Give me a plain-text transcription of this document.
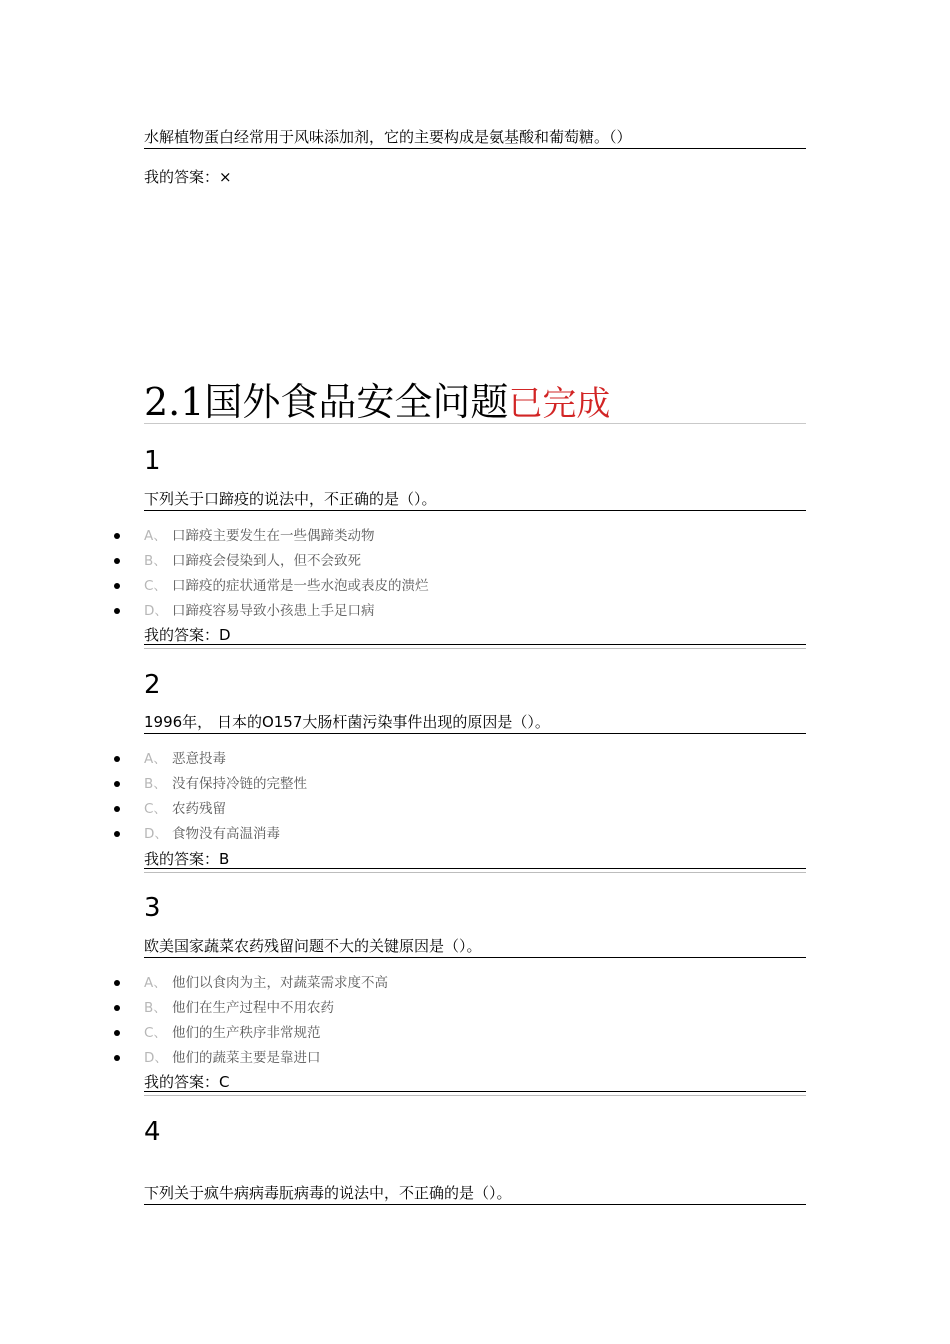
水解植物蛋白经常用于风味添加剂，它的主要构成是氨基酸和葡萄糖。（）
我的答案：×
2.1国外食品安全问题已完成
1
下列关于口蹄疫的说法中，不正确的是（）。
A、 口蹄疫主要发生在一些偶蹄类动物
B、 口蹄疫会侵染到人，但不会致死
C、 口蹄疫的症状通常是一些水泡或表皮的溃烂
D、 口蹄疫容易导致小孩患上手足口病
我的答案：D
2
1996年， 日本的O157大肠杆菌污染事件出现的原因是（）。
A、 恶意投毒
B、 没有保持冷链的完整性
C、 农药残留
D、 食物没有高温消毒
我的答案：B
3
欧美国家蔬菜农药残留问题不大的关键原因是（）。
A、 他们以食肉为主，对蔬菜需求度不高
B、 他们在生产过程中不用农药
C、 他们的生产秩序非常规范
D、 他们的蔬菜主要是靠进口
我的答案：C
4
下列关于疯牛病病毒朊病毒的说法中，不正确的是（）。
